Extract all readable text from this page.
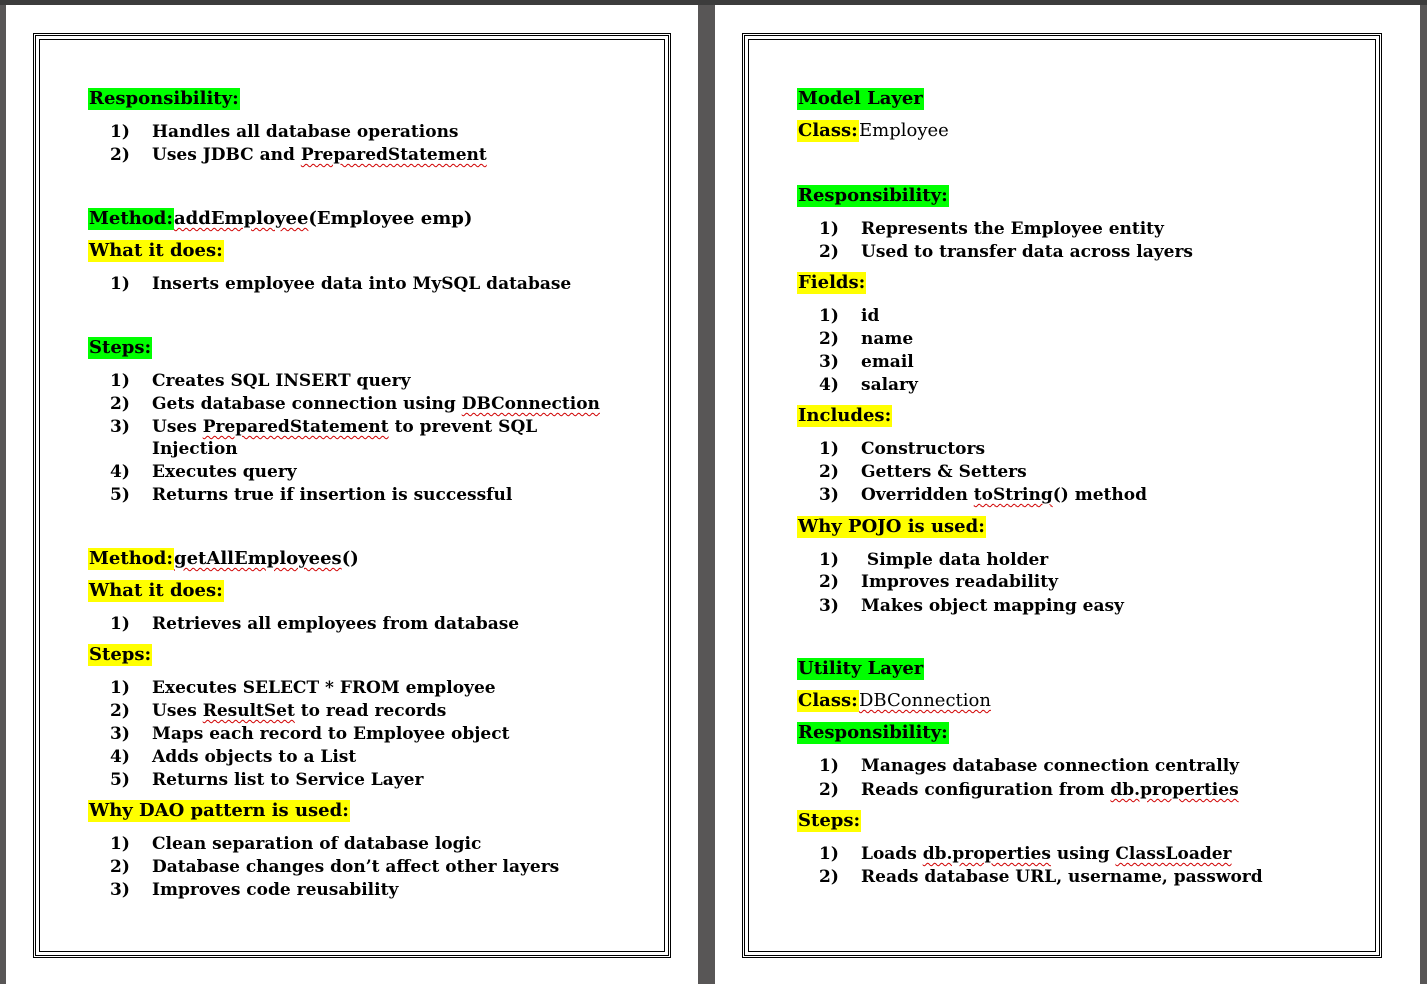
Responsibility:
1) Handles all database operations
2) Uses JDBC and PreparedStatement
Method: addEmployee(Employee emp)
What it does:
1) Inserts employee data into MySQL database
Steps:
1) Creates SQL INSERT query
2) Gets database connection using DBConnection
3) Uses PreparedStatement to prevent SQL
Injection
4) Executes query
5) Returns true if insertion is successful
Method: getAllEmployees()
What it does:
1) Retrieves all employees from database
Steps:
1) Executes SELECT * FROM employee
2) Uses ResultSet to read records
3) Maps each record to Employee object
4) Adds objects to a List
5) Returns list to Service Layer
Why DAO pattern is used:
1) Clean separation of database logic
2) Database changes don’t affect other layers
3) Improves code reusability
Model Layer
Class: Employee
Responsibility:
1) Represents the Employee entity
2) Used to transfer data across layers
Fields:
1) id
2) name
3) email
4) salary
Includes:
1) Constructors
2) Getters & Setters
3) Overridden toString() method
Why POJO is used:
1) Simple data holder
2) Improves readability
3) Makes object mapping easy
Utility Layer
Class: DBConnection
Responsibility:
1) Manages database connection centrally
2) Reads configuration from db.properties
Steps:
1) Loads db.properties using ClassLoader
2) Reads database URL, username, password
